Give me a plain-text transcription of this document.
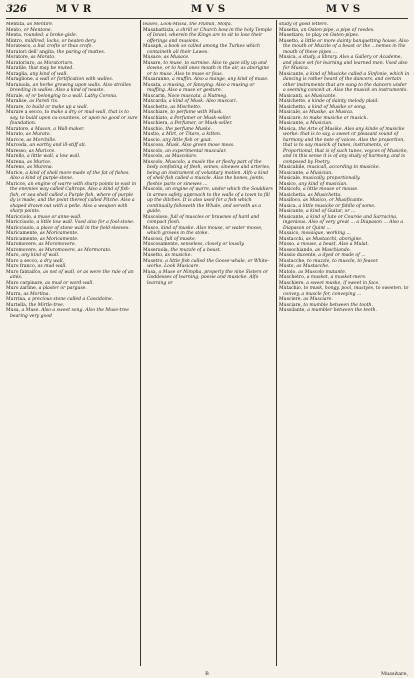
326	MVR	MVS	MVS

Mentita, as Mentire.

Mento, or Mentone.

Menta, rounded, a broke-gisle.

Mintro, mildired, locks, or beaten dery.

Moratesco, a but crofte or thus crofe.

Muratori dell' angita, the paring of mattes.

Moratore, as Morato.

Muratoriuro, as Moratoriuro.

Muratile, that may be muted.

Muraglia, any kind of wall.

Muraglione, a wall or fortification with walles.

Muraiuola, an herbe growing upon walls. Also strolles breeding in walles. Also a kind of neaste.

Murale, of or belonging to a wall. Lathy Corona.

Muralise, as Pareti ris.

Murare, to build or make up a wall.

Murare a secco, to make a dry or mud-wall, that is to say, to build upon ca-countess, or upon no good or sure foundation.

Muratore, a Mason, a Wall-maker.

Murato, as Murato.

Murcce, as Morchille.

Murceda, an earthy and ill-stiff sti.

Muresso, as Muricce.

Murello, a little wall, a low wall.

Murena, as Murice.

Mureno, as Murena.

Murice, a kind of shell more-made of the fat of fishes. Also a kind of purple-stone.

Muricce, an engine of warre with sharp points to east in the enemies way called Caltrops. Also a kind of fish-fish, or sea-shell called a Purple fish, where of purple dy is made, and the point thereof called Pitche. Also a shaped drawn out with a pelle. Also a weapon with sharp points.

Muricciolo, a muse or anne-wall.

Muricciuolo, a little low wall. Vsed also for a fool-stone.

Muricciuolo, a place of stone wall in the field-sleeves.

Muricamente, as Moricamente.

Muricamente, as Moricamente.

Muromovere, as Moromovere.

Muromovere, as Muromovere, as Mormorato.

Muro, any kind of wall.

Muro a secco, a dry wall.

Muro franco, as mud-wall.

Muro fantaifco, as not of wall, or as were the rule of an amis.

Muro carpinare, as mud or word-wall.

Muro zarline, a plaster or parguse.

Murra, as Mortina.

Murrina, a precious stone called a Cassidoine.

Murtella, the Mirtle-tree.

Musa, a Muse. Also a sweet song. Also the Muse-tree bearing very good

leaves, Look-Missa, the Plumill, Molfa.

Musabattista, a shrill or Church bow in the holy Temple of Israel, wherein the Kings are to sit to lose their offerings and musions.

Musaph, a book so called among the Turkes which containeth all their Lawes.

Musace, as Musace.

Musare, to muse, to surmise. Also to gaze idly up and downe, or to hold ones mouth in the air, as aborigine or to muse. Also to muse or fous.

Musaranno, a muffin. Also a mange, any kind of muse.

Musata, a musing, or fansying. Also a musing or muffing. Also a muse or gesture.

Muscarin, Noce muscata, a Nutmeg.

Muscarda, a kind of Musk. Also muscari.

Muschetto, as Mischetto.

Muschiare, to perfume with Musk.

Muschiato, a Perfumer or Musk-seller.

Muschiera, a Perfumer, or Musk-seller.

Muschio, the perfume Muske.

Mustio, a Mirt, or Titaro, a kitten.

Muscio, any little fish or goat.

Muscoso, Musk. Also green mose moss.

Muscolo, an experimental muscular.

Muscolo, as Muscolare.

Muscolo, Muscolo, a musle the or fleshy part of the body confisting of flesh, veines, sinewes and arteries, being an instrument of voluntary motion. Alfo a kind of shell-fish called a muscle. Also the bones, joints, fleshie parts or sinewes ...

Muscolo, an engine of warre, under which the Souldiers in armes safety approach to the walls of a town to fill up the ditches. It is also used for a fish which continually followeth the Whale, and serveth as a guide.

Muscoloso, full of muscles or brawnes of hard and compact flesh.

Musco, kind of muske. Also mouse, or water mosse, which growes in the stoke.

Muscosi, full of muske.

Muscosamente, senseless, closely or lousily.

Museruola, the muzzle of a beast.

Musetto, as musicke.

Musetro, a little fish called the Goose-whale, or White-worke. Look Musicare.

Musa, a Muse or Nimpha, properly the nine Sisters or Goddesses of learning, poesie and musicke. Alfo learning or

study of good letters.

Musetta, an Oaten-pipe, a pipe of reedes.

Musettare, to play on Oaten-pipes.

Musetto, a little or more dainty banquetting house. Also the mouth or Muzzle of a beast or the ...nemes in the mouth of these pipes ...

Musica, a study, a library. Also a Gallery or Academe, and place set for learning and learned men. Vsed also for Musica.

Musicante, a kind of Musicke called a Sinfonie, which in dancing is rather heard of the dancers, and certain other instruments that are sung to the dancers under a seeming conceit at. Also the musick on instruments.

Musicanti, as Musicante.

Musichette, a kinde of dainty melody plaid.

Musichetto, a kind of Musike or song.

Musicale, as Musike, as Musica.

Musicare, to make musicke or musick.

Musicante, a Musician.

Musica, the Arte of Musike. Also any kinde of musicke worke: that is to say, a sweet or pleasant sound of harmony and the note of voices. Also the proportion, that is to say musick of tunes, instruments, or Proportional, that is of such tunes, voyces of Musicke, and in this sense it is of any study of harmony, and is composed by Poetry.

Musicabile, musicall, according to musicke.

Musicante, a Musician.

Musicale, musically, proportionally.

Musico, any kind of musician.

Musicofo, a little mouse or mouse.

Musichetta, as Musichetta.

Musifoco, as Musico, or Musificante.

Musica, a little musicke or fiddle of some.

Musicante, a kind of Guitar, or ...

Musicante, a kind of lute or Coursie and Sarracina, ingenious. Also of very great ... a Diapason ... Also a Diapason or Quint ...

Musaico, mosaique, working ...

Mustacchi, as Mustacchi, aborigine.

Musso, a mouse, a beast. Also a Mulat.

Mussochiando, as Maschiando.

Mussio ducente, a dyed or made of ...

Mustacche, to muzzle, to muscle, to feasor.

Musto, as Mustacche.

Mutolo, as Muscolo mutante.

Muschetro, a musket, a musket-mere.

Muschiere, a sweet muske, if sweet in face.

Mutachio, to musk, hongy, pool, mustyes, to sweeten, to convey, a muscle for, conveying ...

Musciere, as Musciare.

Musciare, to mumble between the tooth.

Mussilante, a mumbler between the teeth.

B	Mussitare,
